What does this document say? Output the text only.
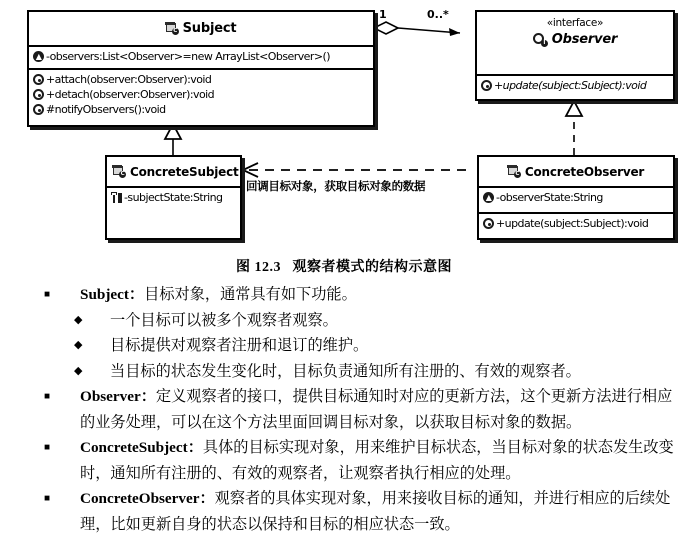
C Subject
▲ -observers:List<Observer>=new ArrayList<Observer>()
+attach(observer:Observer):void
+detach(observer:Observer):void
#notifyObservers():void
«interface»
I Observer
+update(subject:Subject):void
C ConcreteSubject
-subjectState:String
C ConcreteObserver
▲ -observerState:String
+update(subject:Subject):void
1	0..*
回调目标对象，获取目标对象的数据
图 12.3  观察者模式的结构示意图
■ Subject：目标对象，通常具有如下功能。
◆ 一个目标可以被多个观察者观察。
◆ 目标提供对观察者注册和退订的维护。
◆ 当目标的状态发生变化时，目标负责通知所有注册的、有效的观察者。
■ Observer：定义观察者的接口，提供目标通知时对应的更新方法，这个更新方法进行相应的业务处理，可以在这个方法里面回调目标对象，以获取目标对象的数据。
■ ConcreteSubject：具体的目标实现对象，用来维护目标状态，当目标对象的状态发生改变时，通知所有注册的、有效的观察者，让观察者执行相应的处理。
■ ConcreteObserver：观察者的具体实现对象，用来接收目标的通知，并进行相应的后续处理，比如更新自身的状态以保持和目标的相应状态一致。
